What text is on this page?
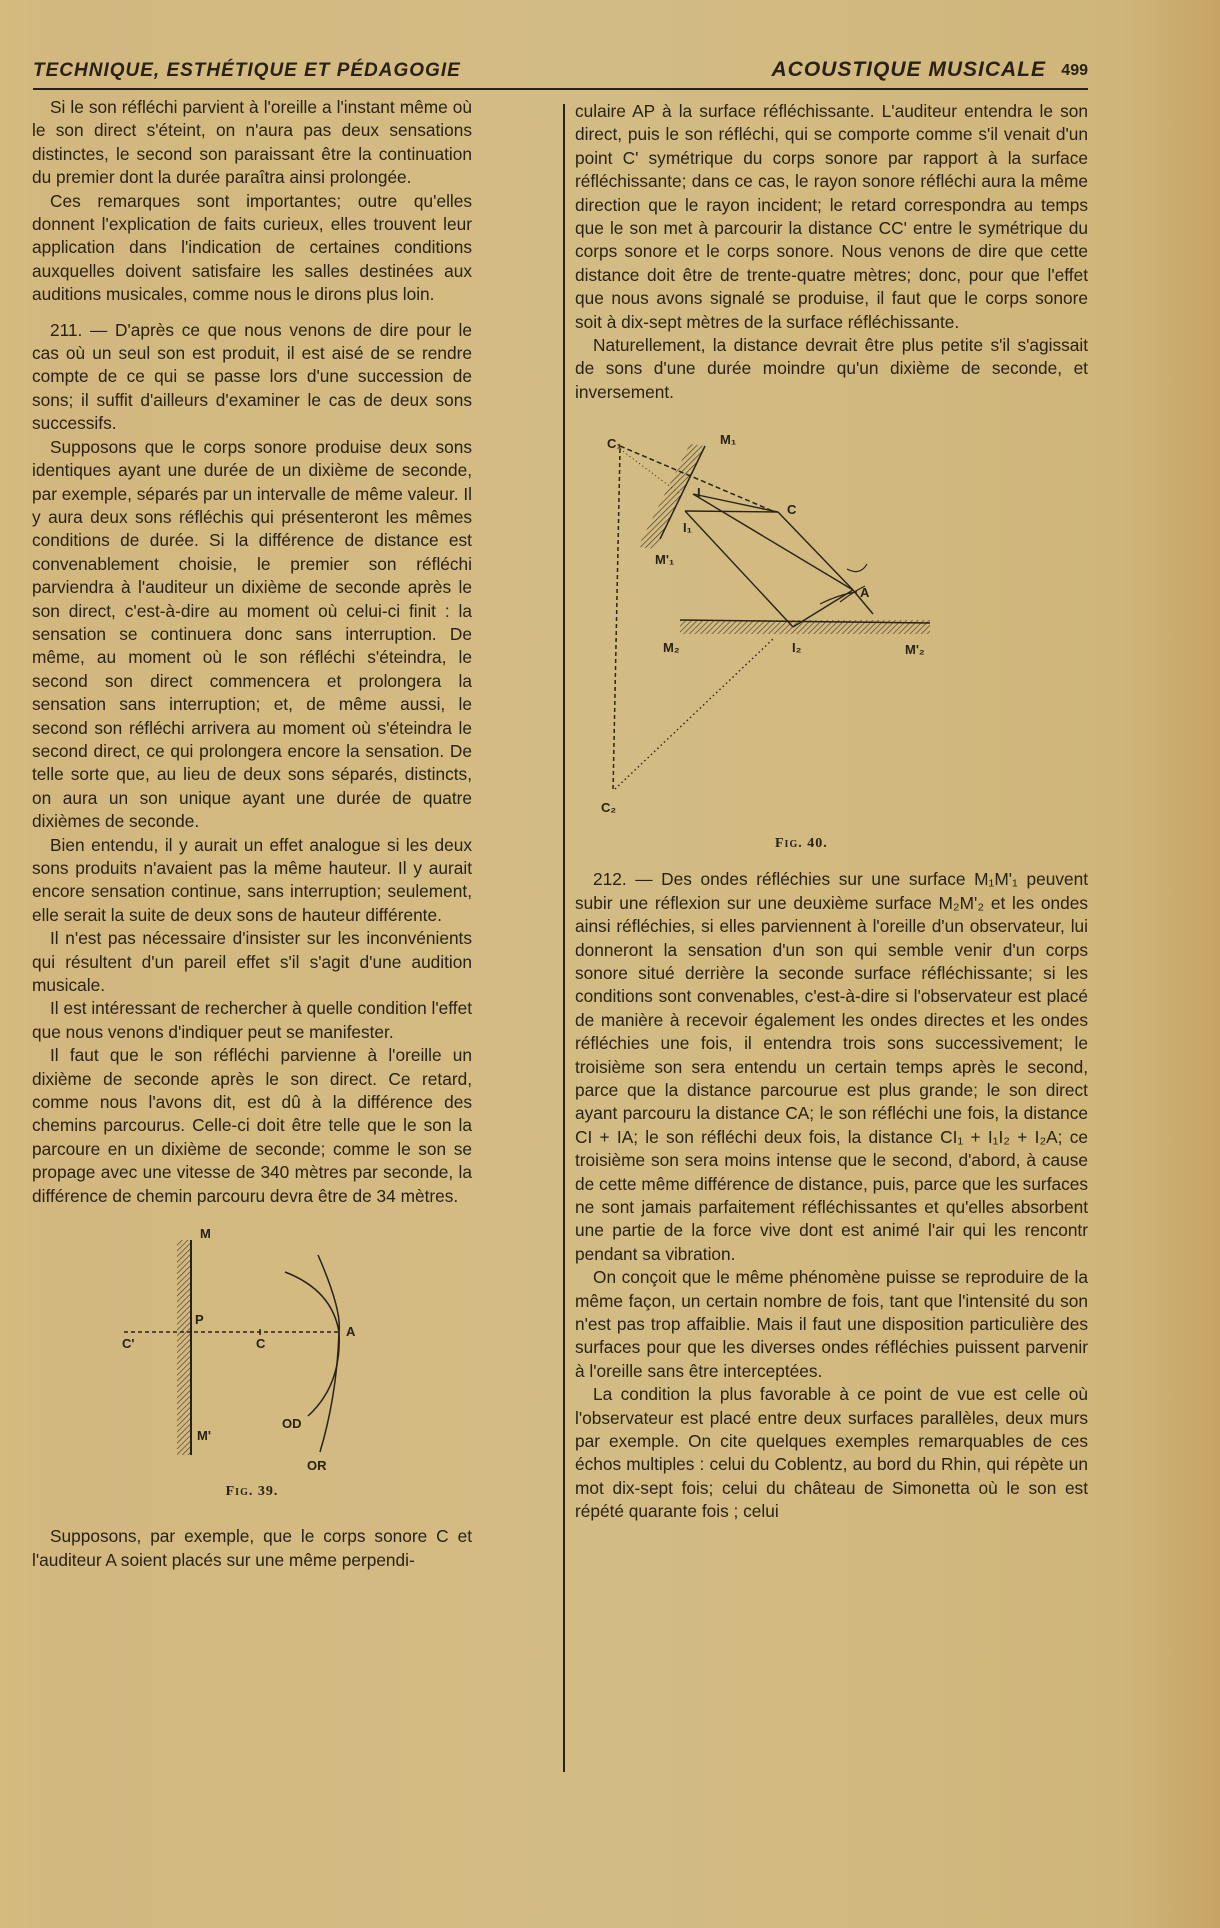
TECHNIQUE, ESTHÉTIQUE ET PÉDAGOGIE	ACOUSTIQUE MUSICALE 499

Si le son réfléchi parvient à l'oreille a l'instant même où le son direct s'éteint, on n'aura pas deux sensations distinctes, le second son paraissant être la continuation du premier dont la durée paraîtra ainsi prolongée.

Ces remarques sont importantes; outre qu'elles donnent l'explication de faits curieux, elles trouvent leur application dans l'indication de certaines conditions auxquelles doivent satisfaire les salles destinées aux auditions musicales, comme nous le dirons plus loin.

211. — D'après ce que nous venons de dire pour le cas où un seul son est produit, il est aisé de se rendre compte de ce qui se passe lors d'une succession de sons; il suffit d'ailleurs d'examiner le cas de deux sons successifs.

Supposons que le corps sonore produise deux sons identiques ayant une durée de un dixième de seconde, par exemple, séparés par un intervalle de même valeur. Il y aura deux sons réfléchis qui présenteront les mêmes conditions de durée. Si la différence de distance est convenablement choisie, le premier son réfléchi parviendra à l'auditeur un dixième de seconde après le son direct, c'est-à-dire au moment où celui-ci finit : la sensation se continuera donc sans interruption. De même, au moment où le son réfléchi s'éteindra, le second son direct commencera et prolongera la sensation sans interruption; et, de même aussi, le second son réfléchi arrivera au moment où s'éteindra le second direct, ce qui prolongera encore la sensation. De telle sorte que, au lieu de deux sons séparés, distincts, on aura un son unique ayant une durée de quatre dixièmes de seconde.

Bien entendu, il y aurait un effet analogue si les deux sons produits n'avaient pas la même hauteur. Il y aurait encore sensation continue, sans interruption; seulement, elle serait la suite de deux sons de hauteur différente.

Il n'est pas nécessaire d'insister sur les inconvénients qui résultent d'un pareil effet s'il s'agit d'une audition musicale.

Il est intéressant de rechercher à quelle condition l'effet que nous venons d'indiquer peut se manifester.

Il faut que le son réfléchi parvienne à l'oreille un dixième de seconde après le son direct. Ce retard, comme nous l'avons dit, est dû à la différence des chemins parcourus. Celle-ci doit être telle que le son la parcoure en un dixième de seconde; comme le son se propage avec une vitesse de 340 mètres par seconde, la différence de chemin parcouru devra être de 34 mètres.

M
M'
P
C'	C
A
OD
OR
Fig. 39.

Supposons, par exemple, que le corps sonore C et l'auditeur A soient placés sur une même perpendi-

culaire AP à la surface réfléchissante. L'auditeur entendra le son direct, puis le son réfléchi, qui se comporte comme s'il venait d'un point C' symétrique du corps sonore par rapport à la surface réfléchissante; dans ce cas, le rayon sonore réfléchi aura la même direction que le rayon incident; le retard correspondra au temps que le son met à parcourir la distance CC' entre le symétrique du corps sonore et le corps sonore. Nous venons de dire que cette distance doit être de trente-quatre mètres; donc, pour que l'effet que nous avons signalé se produise, il faut que le corps sonore soit à dix-sept mètres de la surface réfléchissante.

Naturellement, la distance devrait être plus petite s'il s'agissait de sons d'une durée moindre qu'un dixième de seconde, et inversement.

C₁	M₁
I
I₁
C
M'₁
A
M₂	I₂	M'₂
C₂
Fig. 40.

212. — Des ondes réfléchies sur une surface M₁M'₁ peuvent subir une réflexion sur une deuxième surface M₂M'₂ et les ondes ainsi réfléchies, si elles parviennent à l'oreille d'un observateur, lui donneront la sensation d'un son qui semble venir d'un corps sonore situé derrière la seconde surface réfléchissante; si les conditions sont convenables, c'est-à-dire si l'observateur est placé de manière à recevoir également les ondes directes et les ondes réfléchies une fois, il entendra trois sons successivement; le troisième son sera entendu un certain temps après le second, parce que la distance parcourue est plus grande; le son direct ayant parcouru la distance CA; le son réfléchi une fois, la distance CI + IA; le son réfléchi deux fois, la distance CI₁ + I₁I₂ + I₂A; ce troisième son sera moins intense que le second, d'abord, à cause de cette même différence de distance, puis, parce que les surfaces ne sont jamais parfaitement réfléchissantes et qu'elles absorbent une partie de la force vive dont est animé l'air qui les rencontr pendant sa vibration.

On conçoit que le même phénomène puisse se reproduire de la même façon, un certain nombre de fois, tant que l'intensité du son n'est pas trop affaiblie. Mais il faut une disposition particulière des surfaces pour que les diverses ondes réfléchies puissent parvenir à l'oreille sans être interceptées.

La condition la plus favorable à ce point de vue est celle où l'observateur est placé entre deux surfaces parallèles, deux murs par exemple. On cite quelques exemples remarquables de ces échos multiples : celui du Coblentz, au bord du Rhin, qui répète un mot dix-sept fois; celui du château de Simonetta où le son est répété quarante fois ; celui
